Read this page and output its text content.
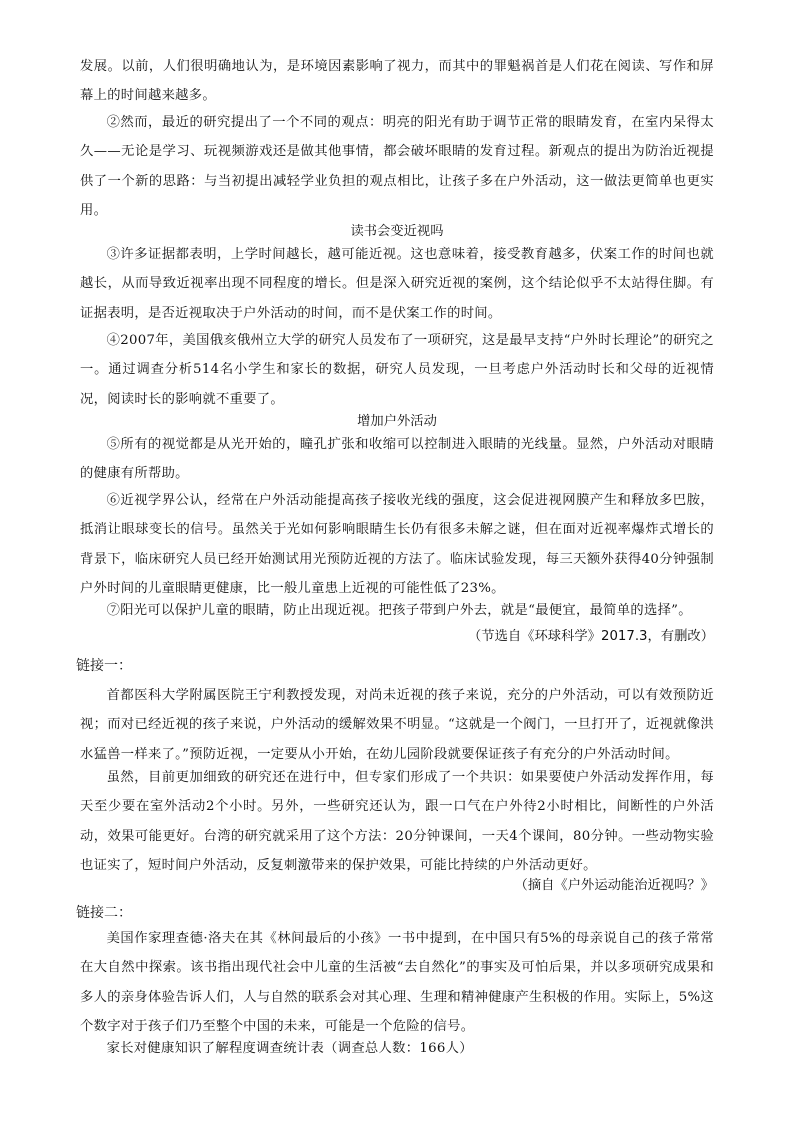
发展。以前，人们很明确地认为，是环境因素影响了视力，而其中的罪魁祸首是人们花在阅读、写作和屏幕上的时间越来越多。

②然而，最近的研究提出了一个不同的观点：明亮的阳光有助于调节正常的眼睛发育，在室内呆得太久——无论是学习、玩视频游戏还是做其他事情，都会破坏眼睛的发育过程。新观点的提出为防治近视提供了一个新的思路：与当初提出减轻学业负担的观点相比，让孩子多在户外活动，这一做法更简单也更实用。

读书会变近视吗

③许多证据都表明，上学时间越长，越可能近视。这也意味着，接受教育越多，伏案工作的时间也就越长，从而导致近视率出现不同程度的增长。但是深入研究近视的案例，这个结论似乎不太站得住脚。有证据表明，是否近视取决于户外活动的时间，而不是伏案工作的时间。

④2007年，美国俄亥俄州立大学的研究人员发布了一项研究，这是最早支持“户外时长理论”的研究之一。通过调查分析514名小学生和家长的数据，研究人员发现，一旦考虑户外活动时长和父母的近视情况，阅读时长的影响就不重要了。

增加户外活动

⑤所有的视觉都是从光开始的，瞳孔扩张和收缩可以控制进入眼睛的光线量。显然，户外活动对眼睛的健康有所帮助。

⑥近视学界公认，经常在户外活动能提高孩子接收光线的强度，这会促进视网膜产生和释放多巴胺，抵消让眼球变长的信号。虽然关于光如何影响眼睛生长仍有很多未解之谜，但在面对近视率爆炸式增长的背景下，临床研究人员已经开始测试用光预防近视的方法了。临床试验发现，每三天额外获得40分钟强制户外时间的儿童眼睛更健康，比一般儿童患上近视的可能性低了23%。

⑦阳光可以保护儿童的眼睛，防止出现近视。把孩子带到户外去，就是“最便宜，最简单的选择”。

（节选自《环球科学》2017.3，有删改）

链接一：

首都医科大学附属医院王宁利教授发现，对尚未近视的孩子来说，充分的户外活动，可以有效预防近视；而对已经近视的孩子来说，户外活动的缓解效果不明显。“这就是一个阀门，一旦打开了，近视就像洪水猛兽一样来了。”预防近视，一定要从小开始，在幼儿园阶段就要保证孩子有充分的户外活动时间。

虽然，目前更加细致的研究还在进行中，但专家们形成了一个共识：如果要使户外活动发挥作用，每天至少要在室外活动2个小时。另外，一些研究还认为，跟一口气在户外待2小时相比，间断性的户外活动，效果可能更好。台湾的研究就采用了这个方法：20分钟课间，一天4个课间，80分钟。一些动物实验也证实了，短时间户外活动，反复刺激带来的保护效果，可能比持续的户外活动更好。

（摘自《户外运动能治近视吗？》

链接二：

美国作家理查德·洛夫在其《林间最后的小孩》一书中提到，在中国只有5%的母亲说自己的孩子常常在大自然中探索。该书指出现代社会中儿童的生活被“去自然化”的事实及可怕后果，并以多项研究成果和多人的亲身体验告诉人们，人与自然的联系会对其心理、生理和精神健康产生积极的作用。实际上，5%这个数字对于孩子们乃至整个中国的未来，可能是一个危险的信号。

家长对健康知识了解程度调查统计表（调查总人数：166人）
